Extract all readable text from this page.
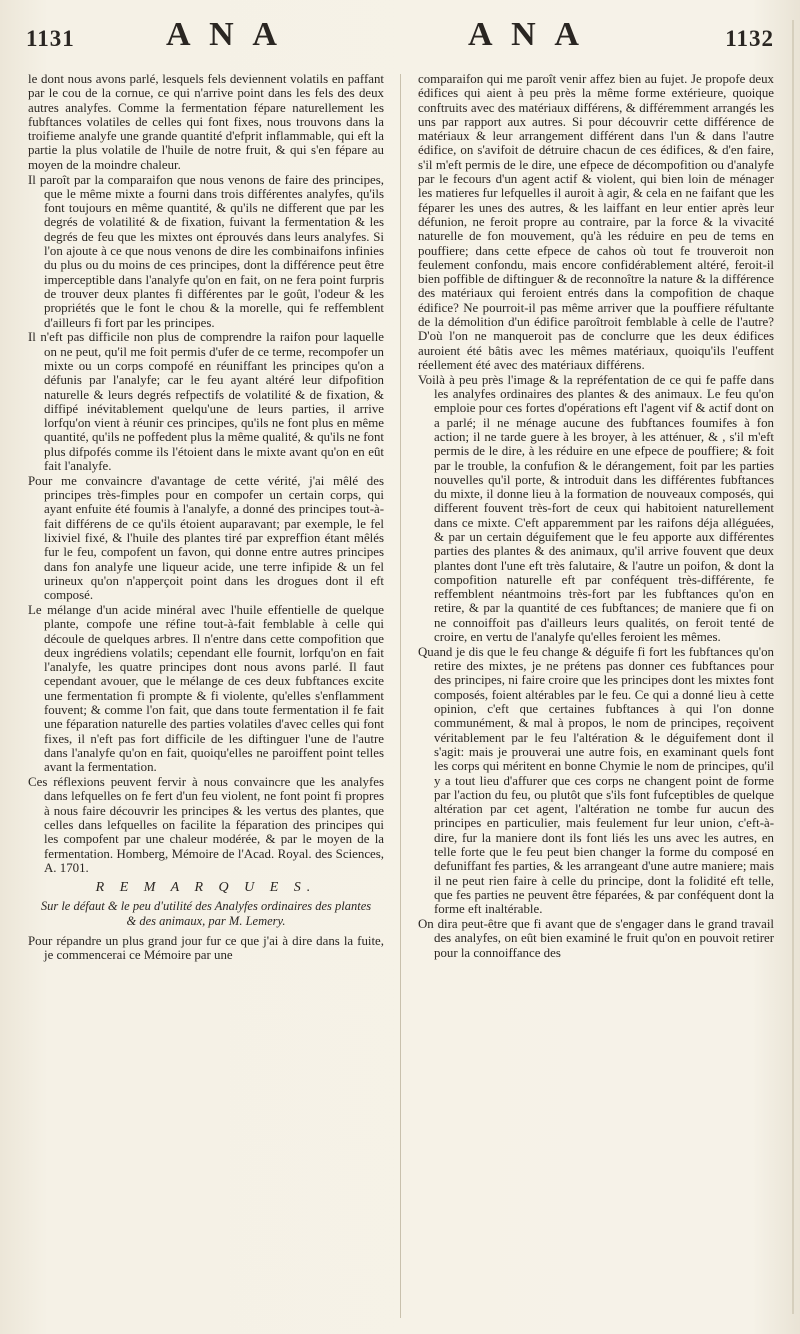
1131	A N A	A N A	1132

le dont nous avons parlé, lesquels fels deviennent volatils en paffant par le cou de la cornue, ce qui n'arrive point dans les fels des deux autres analyfes. Comme la fermentation fépare naturellement les fubftances volatiles de celles qui font fixes, nous trouvons dans la troifieme analyfe une grande quantité d'efprit inflammable, qui eft la partie la plus volatile de l'huile de notre fruit, & qui s'en fépare au moyen de la moindre chaleur.

Il paroît par la comparaifon que nous venons de faire des principes, que le même mixte a fourni dans trois différentes analyfes, qu'ils font toujours en même quantité, & qu'ils ne different que par les degrés de volatilité & de fixation, fuivant la fermentation & les degrés de feu que les mixtes ont éprouvés dans leurs analyfes. Si l'on ajoute à ce que nous venons de dire les combinaifons infinies du plus ou du moins de ces principes, dont la différence peut être imperceptible dans l'analyfe qu'on en fait, on ne fera point furpris de trouver deux plantes fi différentes par le goût, l'odeur & les propriétés que le font le chou & la morelle, qui fe reffemblent d'ailleurs fi fort par les principes.

Il n'eft pas difficile non plus de comprendre la raifon pour laquelle on ne peut, qu'il me foit permis d'ufer de ce terme, recompofer un mixte ou un corps compofé en réuniffant les principes qu'on a défunis par l'analyfe; car le feu ayant altéré leur difpofition naturelle & leurs degrés refpectifs de volatilité & de fixation, & diffipé inévitablement quelqu'une de leurs parties, il arrive lorfqu'on vient à réunir ces principes, qu'ils ne font plus en même quantité, qu'ils ne poffedent plus la même qualité, & qu'ils ne font plus difpofés comme ils l'étoient dans le mixte avant qu'on en eût fait l'analyfe.

Pour me convaincre d'avantage de cette vérité, j'ai mêlé des principes très-fimples pour en compofer un certain corps, qui ayant enfuite été foumis à l'analyfe, a donné des principes tout-à-fait différens de ce qu'ils étoient auparavant; par exemple, le fel lixiviel fixé, & l'huile des plantes tiré par expreffion étant mêlés fur le feu, compofent un favon, qui donne entre autres principes dans fon analyfe une liqueur acide, une terre infipide & un fel urineux qu'on n'apperçoit point dans les drogues dont il eft composé.

Le mélange d'un acide minéral avec l'huile effentielle de quelque plante, compofe une réfine tout-à-fait femblable à celle qui découle de quelques arbres. Il n'entre dans cette compofition que deux ingrédiens volatils; cependant elle fournit, lorfqu'on en fait l'analyfe, les quatre principes dont nous avons parlé. Il faut cependant avouer, que le mélange de ces deux fubftances excite une fermentation fi prompte & fi violente, qu'elles s'enflamment fouvent; & comme l'on fait, que dans toute fermentation il fe fait une féparation naturelle des parties volatiles d'avec celles qui font fixes, il n'eft pas fort difficile de les diftinguer l'une de l'autre dans l'analyfe qu'on en fait, quoiqu'elles ne paroiffent point telles avant la fermentation.

Ces réflexions peuvent fervir à nous convaincre que les analyfes dans lefquelles on fe fert d'un feu violent, ne font point fi propres à nous faire découvrir les principes & les vertus des plantes, que celles dans lefquelles on facilite la féparation des principes qui les compofent par une chaleur modérée, & par le moyen de la fermentation. Homberg, Mémoire de l'Acad. Royal. des Sciences, A. 1701.

R E M A R Q U E S.

Sur le défaut & le peu d'utilité des Analyfes ordinaires des plantes & des animaux, par M. Lemery.

Pour répandre un plus grand jour fur ce que j'ai à dire dans la fuite, je commencerai ce Mémoire par une

comparaifon qui me paroît venir affez bien au fujet. Je propofe deux édifices qui aient à peu près la même forme extérieure, quoique conftruits avec des matériaux différens, & différemment arrangés les uns par rapport aux autres. Si pour découvrir cette différence de matériaux & leur arrangement différent dans l'un & dans l'autre édifice, on s'avifoit de détruire chacun de ces édifices, & d'en faire, s'il m'eft permis de le dire, une efpece de décompofition ou d'analyfe par le fecours d'un agent actif & violent, qui bien loin de ménager les matieres fur lefquelles il auroit à agir, & cela en ne faifant que les féparer les unes des autres, & les laiffant en leur entier après leur défunion, ne feroit propre au contraire, par la force & la vivacité naturelle de fon mouvement, qu'à les réduire en peu de tems en pouffiere; dans cette efpece de cahos où tout fe trouveroit non feulement confondu, mais encore confidérablement altéré, feroit-il bien poffible de diftinguer & de reconnoître la nature & la différence des matériaux qui feroient entrés dans la compofition de chaque édifice? Ne pourroit-il pas même arriver que la pouffiere réfultante de la démolition d'un édifice paroîtroit femblable à celle de l'autre? D'où l'on ne manqueroit pas de conclurre que les deux édifices auroient été bâtis avec les mêmes matériaux, quoiqu'ils l'euffent réellement été avec des matériaux différens.

Voilà à peu près l'image & la repréfentation de ce qui fe paffe dans les analyfes ordinaires des plantes & des animaux. Le feu qu'on emploie pour ces fortes d'opérations eft l'agent vif & actif dont on a parlé; il ne ménage aucune des fubftances foumifes à fon action; il ne tarde guere à les broyer, à les atténuer, & , s'il m'eft permis de le dire, à les réduire en une efpece de pouffiere; & foit par le trouble, la confufion & le dérangement, foit par les parties nouvelles qu'il porte, & introduit dans les différentes fubftances du mixte, il donne lieu à la formation de nouveaux composés, qui different fouvent très-fort de ceux qui habitoient naturellement dans ce mixte. C'eft apparemment par les raifons déja alléguées, & par un certain déguifement que le feu apporte aux différentes parties des plantes & des animaux, qu'il arrive fouvent que deux plantes dont l'une eft très falutaire, & l'autre un poifon, & dont la compofition naturelle eft par conféquent très-différente, fe reffemblent néantmoins très-fort par les fubftances qu'on en retire, & par la quantité de ces fubftances; de maniere que fi on ne connoiffoit pas d'ailleurs leurs qualités, on feroit tenté de croire, en vertu de l'analyfe qu'elles feroient les mêmes.

Quand je dis que le feu change & déguife fi fort les fubftances qu'on retire des mixtes, je ne prétens pas donner ces fubftances pour des principes, ni faire croire que les principes dont les mixtes font composés, foient altérables par le feu. Ce qui a donné lieu à cette opinion, c'eft que certaines fubftances à qui l'on donne communément, & mal à propos, le nom de principes, reçoivent véritablement par le feu l'altération & le déguifement dont il s'agit: mais je prouverai une autre fois, en examinant quels font les corps qui méritent en bonne Chymie le nom de principes, qu'il y a tout lieu d'affurer que ces corps ne changent point de forme par l'action du feu, ou plutôt que s'ils font fufceptibles de quelque altération par cet agent, l'altération ne tombe fur aucun des principes en particulier, mais feulement fur leur union, c'eft-à-dire, fur la maniere dont ils font liés les uns avec les autres, en telle forte que le feu peut bien changer la forme du composé en defuniffant fes parties, & les arrangeant d'une autre maniere; mais il ne peut rien faire à celle du principe, dont la folidité eft telle, que fes parties ne peuvent être féparées, & par conféquent dont la forme eft inaltérable.

On dira peut-être que fi avant que de s'engager dans le grand travail des analyfes, on eût bien examiné le fruit qu'on en pouvoit retirer pour la connoiffance des
